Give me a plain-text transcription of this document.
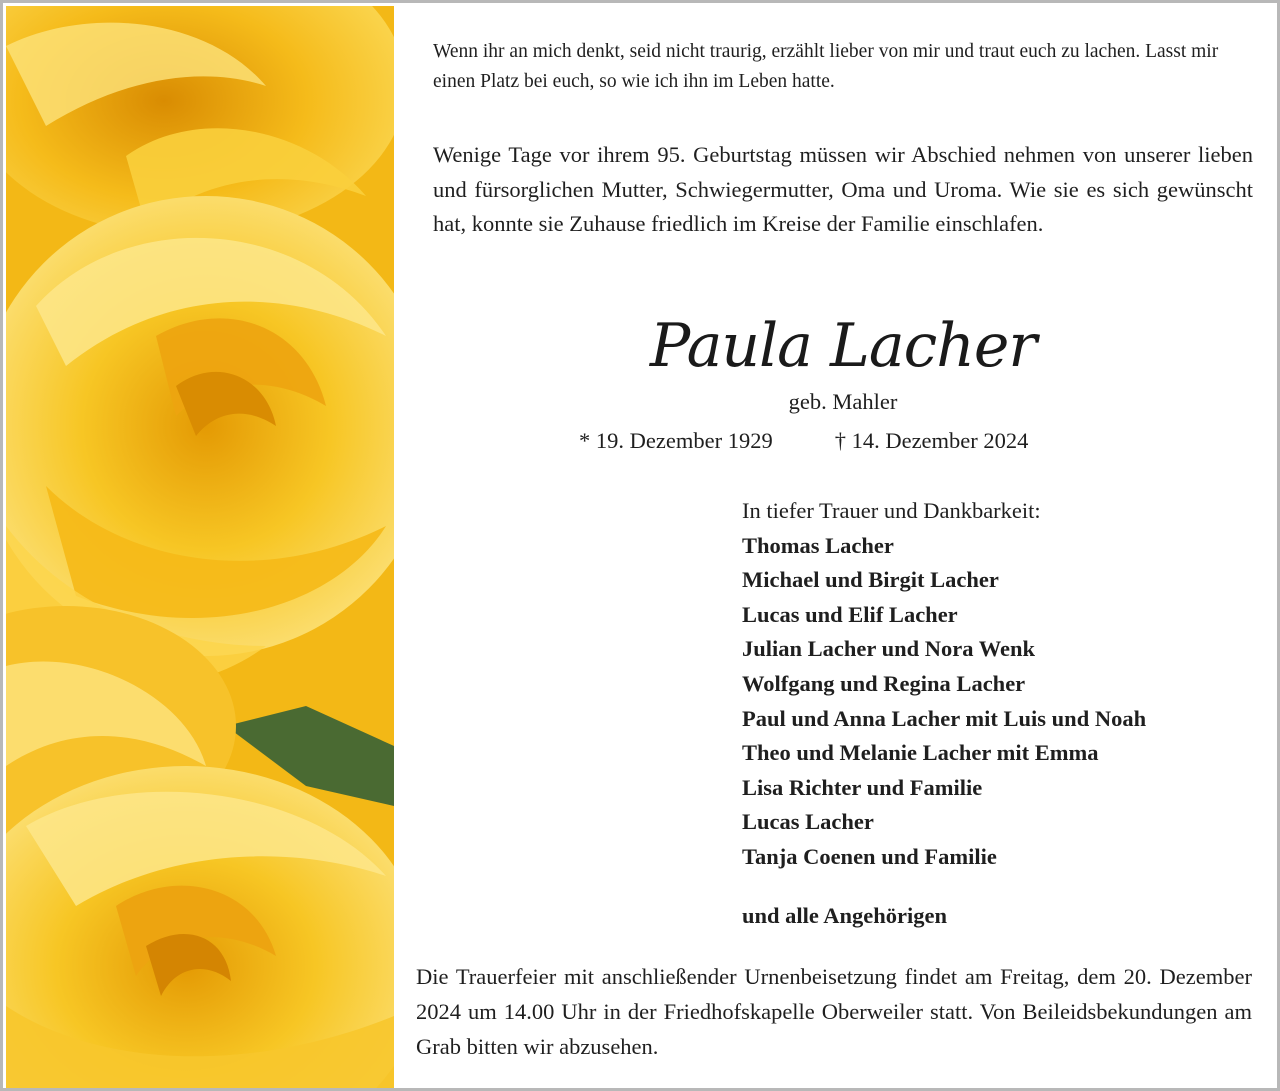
Wenn ihr an mich denkt, seid nicht traurig, erzählt lieber von mir und traut euch zu lachen. Lasst mir einen Platz bei euch, so wie ich ihn im Leben hatte.
Wenige Tage vor ihrem 95. Geburtstag müssen wir Abschied nehmen von unserer lieben und fürsorglichen Mutter, Schwiegermutter, Oma und Uroma. Wie sie es sich gewünscht hat, konnte sie Zuhause friedlich im Kreise der Familie einschlafen.
Paula Lacher
geb. Mahler
* 19. Dezember 1929	† 14. Dezember 2024
In tiefer Trauer und Dankbarkeit:
Thomas Lacher
Michael und Birgit Lacher
Lucas und Elif Lacher
Julian Lacher und Nora Wenk
Wolfgang und Regina Lacher
Paul und Anna Lacher mit Luis und Noah
Theo und Melanie Lacher mit Emma
Lisa Richter und Familie
Lucas Lacher
Tanja Coenen und Familie
und alle Angehörigen
Die Trauerfeier mit anschließender Urnenbeisetzung findet am Freitag, dem 20. Dezember 2024 um 14.00 Uhr in der Friedhofskapelle Oberweiler statt. Von Beileidsbekundungen am Grab bitten wir abzusehen.
